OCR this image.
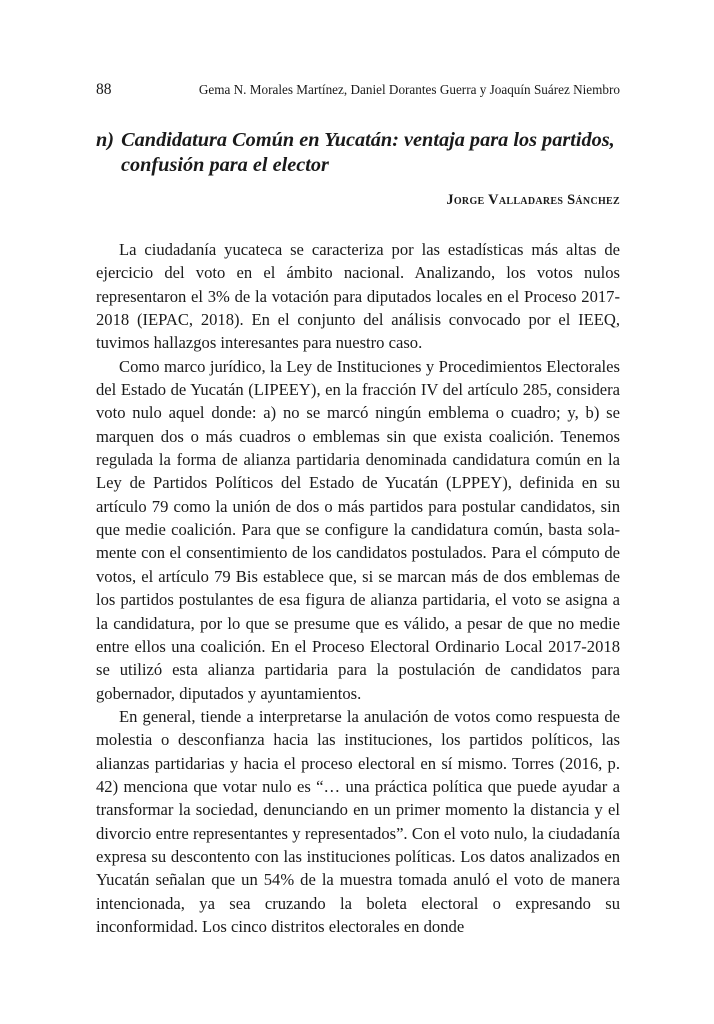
88	Gema N. Morales Martínez, Daniel Dorantes Guerra y Joaquín Suárez Niembro
n) Candidatura Común en Yucatán: ventaja para los partidos,
confusión para el elector
Jorge Valladares Sánchez

La ciudadanía yucateca se caracteriza por las estadísticas más altas de ejercicio del voto en el ámbito nacional. Analizando, los votos nulos representaron el 3% de la votación para diputados locales en el Proceso 2017-2018 (IEPAC, 2018). En el conjunto del análisis convocado por el IEEQ, tuvimos hallazgos interesantes para nuestro caso.

Como marco jurídico, la Ley de Instituciones y Procedimientos Electorales del Estado de Yucatán (LIPEEY), en la fracción IV del artículo 285, considera voto nulo aquel donde: a) no se marcó ningún emblema o cuadro; y, b) se marquen dos o más cuadros o emblemas sin que exista coalición. Tenemos regulada la forma de alianza partidaria denominada candidatura común en la Ley de Partidos Políticos del Estado de Yucatán (LPPEY), definida en su artículo 79 como la unión de dos o más partidos para postular candidatos, sin que medie coalición. Para que se configure la candidatura común, basta solamente con el consentimiento de los candidatos postulados. Para el cómputo de votos, el artículo 79 Bis establece que, si se marcan más de dos emblemas de los partidos postulantes de esa figura de alianza partidaria, el voto se asigna a la candidatura, por lo que se presume que es válido, a pesar de que no medie entre ellos una coalición. En el Proceso Electoral Ordinario Local 2017-2018 se utilizó esta alianza partidaria para la postulación de candidatos para gobernador, diputados y ayuntamientos.

En general, tiende a interpretarse la anulación de votos como respuesta de molestia o desconfianza hacia las instituciones, los partidos políticos, las alianzas partidarias y hacia el proceso electoral en sí mismo. Torres (2016, p. 42) menciona que votar nulo es “… una práctica política que puede ayudar a transformar la sociedad, denunciando en un primer momento la distancia y el divorcio entre representantes y representados”. Con el voto nulo, la ciudadanía expresa su descontento con las instituciones políticas. Los datos analizados en Yucatán señalan que un 54% de la muestra tomada anuló el voto de manera intencionada, ya sea cruzando la boleta electoral o expresando su inconformidad. Los cinco distritos electorales en donde
